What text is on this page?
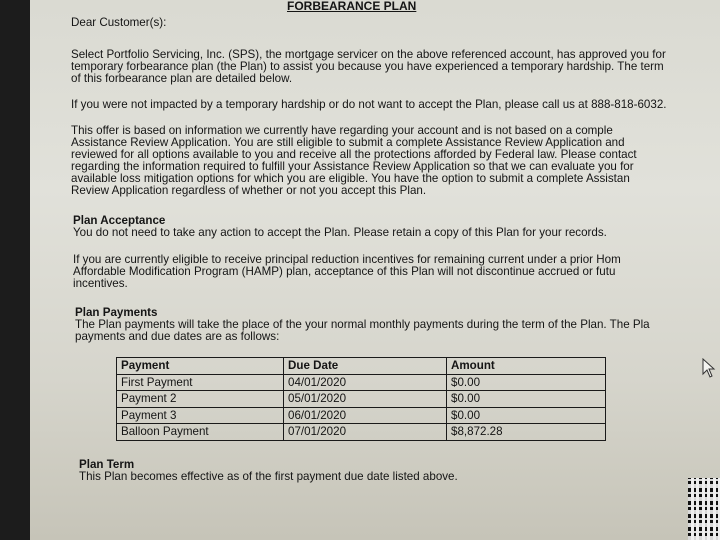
FORBEARANCE PLAN
Dear Customer(s):
Select Portfolio Servicing, Inc. (SPS), the mortgage servicer on the above referenced account, has approved you for
temporary forbearance plan (the Plan) to assist you because you have experienced a temporary hardship. The term
of this forbearance plan are detailed below.
If you were not impacted by a temporary hardship or do not want to accept the Plan, please call us at 888-818-6032.
This offer is based on information we currently have regarding your account and is not based on a comple
Assistance Review Application. You are still eligible to submit a complete Assistance Review Application and
reviewed for all options available to you and receive all the protections afforded by Federal law. Please contact
regarding the information required to fulfill your Assistance Review Application so that we can evaluate you for
available loss mitigation options for which you are eligible. You have the option to submit a complete Assistan
Review Application regardless of whether or not you accept this Plan.
Plan Acceptance
You do not need to take any action to accept the Plan. Please retain a copy of this Plan for your records.
If you are currently eligible to receive principal reduction incentives for remaining current under a prior Hom
Affordable Modification Program (HAMP) plan, acceptance of this Plan will not discontinue accrued or futu
incentives.
Plan Payments
The Plan payments will take the place of the your normal monthly payments during the term of the Plan. The Pla
payments and due dates are as follows:
Payment	Due Date	Amount
First Payment	04/01/2020	$0.00
Payment 2	05/01/2020	$0.00
Payment 3	06/01/2020	$0.00
Balloon Payment	07/01/2020	$8,872.28
Plan Term
This Plan becomes effective as of the first payment due date listed above.
